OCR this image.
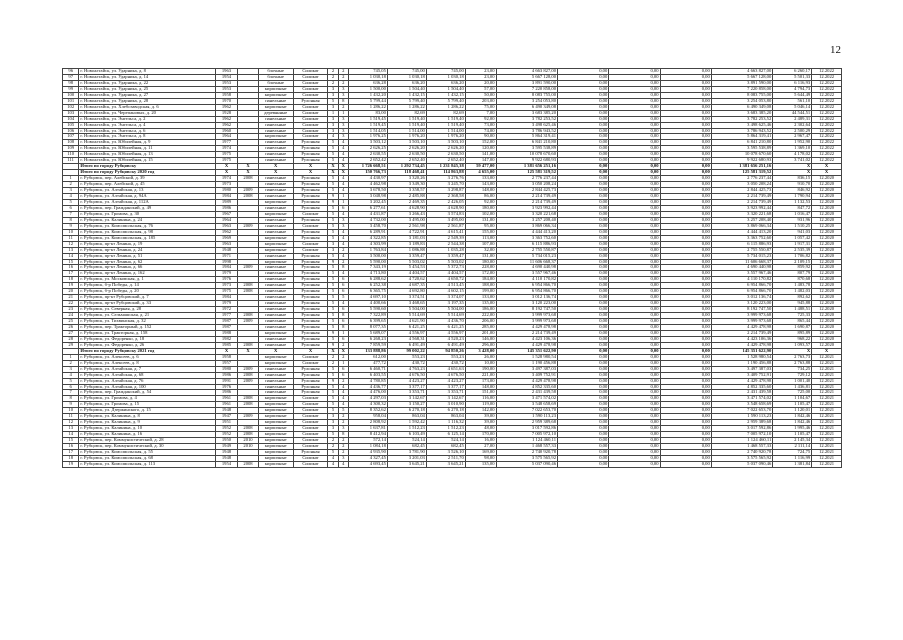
12
96	г. Новоалтайск, ул. Ударника, д. 8	1963		блочные	Силикат	2	2	745,05	745,00	745,00	23,00	4 663 827,00	0,00	0,00	0,00	4 663 827,00	6 260,17	12.2022
97	г. Новоалтайск, ул. Ударника, д. 14	1954		блочные	Силикат	2	2	1 030,18	1 030,18	1 030,18	23,00	5 667 128,00	0,00	0,00	0,00	5 667 128,00	5 501,33	12.2022
98	г. Новоалтайск, ул. Ударника, д. 22	1953		блочные	Силикат	2	2	636,28	636,20	636,20	20,00	3 891 590,00	0,00	0,00	0,00	3 891 590,00	6 116,93	12.2022
99	г. Новоалтайск, ул. Ударника, д. 25	1953		кирпичные	Силикат	3	3	1 500,00	1 504,40	1 504,40	57,00	7 220 858,00	0,00	0,00	0,00	7 220 858,00	4 794,73	12.2022
100	г. Новоалтайск, ул. Ударника, д. 27	1958		кирпичные	Силикат	3	3	1 432,20	1 432,15	1 432,15	50,00	8 083 755,00	0,00	0,00	0,00	8 083 755,00	5 644,49	12.2022
101	г. Новоалтайск, ул. Ударника, д. 28	1970		панельные	Рулонная	5	8	5 799,44	5 799,40	5 799,40	203,00	3 254 053,80	0,00	0,00	0,00	3 254 053,80	561,10	12.2022
102	г. Новоалтайск, ул. Хлебозаводская, д. 6	1962		кирпичные	Силикат	3	2	1 286,22	1 286,22	1 286,22	75,00	6 490 349,08	0,00	0,00	0,00	6 490 349,08	5 046,14	12.2022
103	г. Новоалтайск, ул. Черепановых, д. 20	1928		деревянные	Силикат	1	1	83,00	82,69	82,69	7,00	3 683 385,20	0,00	0,00	0,00	3 683 385,20	44 544,51	12.2022
104	г. Новоалтайск, ул. Энгельса, д. 2	1962		панельные	Силикат	3	3	1 519,45	1 519,40	1 519,40	92,00	3 782 253,52	0,00	0,00	0,00	3 782 253,52	2 489,31	12.2022
105	г. Новоалтайск, ул. Энгельса, д. 4	1962		панельные	Силикат	3	3	1 519,45	1 519,40	1 519,40	73,00	3 498 625,46	0,00	0,00	0,00	3 498 625,46	2 302,64	12.2022
106	г. Новоалтайск, ул. Энгельса, д. 6	1960		панельные	Силикат	3	3	1 514,05	1 514,00	1 514,00	74,00	3 786 943,52	0,00	0,00	0,00	3 786 943,52	2 500,29	12.2022
107	г. Новоалтайск, ул. Энгельса, д. 8	1964		кирпичные	Силикат	4	3	1 976,25	1 976,20	1 976,20	90,00	5 864 319,41	0,00	0,00	0,00	5 864 319,41	2 967,47	12.2022
108	г. Новоалтайск, ул. Юбилейная, д. 9	1977		панельные	Рулонная	5	4	3 503,12	3 503,10	3 503,10	152,00	6 841 210,80	0,00	0,00	0,00	6 841 210,80	1 952,90	12.2022
109	г. Новоалтайск, ул. Юбилейная, д. 11	1974		панельные	Рулонная	5	4	2 626,25	2 626,20	2 626,20	120,00	3 595 538,89	0,00	0,00	0,00	3 595 538,89	1 369,10	12.2022
110	г. Новоалтайск, ул. Юбилейная, д. 13	1975		панельные	Рулонная	5	4	2 630,55	2 630,50	2 630,50	141,00	10 078 670,60	0,00	0,00	0,00	10 078 670,60	4 178,02	12.2022
111	г. Новоалтайск, ул. Юбилейная, д. 15	1975		панельные	Рулонная	5	4	2 652,42	2 652,40	2 652,40	147,00	9 922 680,93	0,00	0,00	0,00	9 922 680,93	3 741,02	12.2022
	Итого по городу Рубцовску	X	X	X	X	X	X	1 726 668,51	1 292 734,45	1 231 845,38	59 477,00	1 381 656 251,16	0,00	0,00	0,00	1 381 656 251,16	X	X
	Итого по городу Рубцовску 2020 год	X	X	X	X	X	X	150 766,73	118 468,41	114 863,88	4 655,00	125 581 319,52	0,00	0,00	0,00	125 581 319,52	X	X
1	г. Рубцовск, пер. Алейский, д. 39	1974	2008	панельные	Рулонная	5	4	4 430,97	3 320,26	3 276,76	133,00	2 776 237,44	0,00	0,00	0,00	2 776 237,44	836,15	12.2020
2	г. Рубцовск, пер. Алейский, д. 45	1973		панельные	Рулонная	5	4	4 462,98	3 349,30	3 245,70	143,00	3 050 208,24	0,00	0,00	0,00	3 050 208,24	910,70	12.2020
3	г. Рубцовск, ул. Алтайская, д. 13	1980	2009	панельные	Рулонная	5	4	3 678,50	3 358,57	3 298,87	148,00	2 844 425,73	0,00	0,00	0,00	2 844 425,73	846,92	12.2020
4	г. Рубцовск, ул. Алтайская, д. 94А	1984	2008	панельные	Рулонная	9	1	3 048,98	2 485,88	2 368,58	86,00	2 214 739,49	0,00	0,00	0,00	2 214 739,49	1 790,94	12.2020
5	г. Рубцовск, ул. Алтайская, д. 112А	1989		кирпичные	Рулонная	9	1	3 202,45	2 469,35	2 426,05	92,00	2 214 739,49	0,00	0,00	0,00	2 214 739,49	1 132,53	12.2020
6	г. Рубцовск, пер. Гражданский, д. 49	1986		панельные	Рулонная	5	6	6 277,61	4 628,90	4 628,90	180,00	3 923 992,44	0,00	0,00	0,00	3 923 992,44	847,72	12.2020
7	г. Рубцовск, ул. Громова, д. 30	1967		кирпичные	Силикат	5	4	4 431,87	3 266,43	3 574,83	102,00	3 320 221,68	0,00	0,00	0,00	3 320 221,68	1 016,47	12.2020
8	г. Рубцовск, ул. Калинина, д. 24	1964		панельные	Рулонная	5	3	4 732,00	3 495,00	3 495,00	131,00	3 257 208,40	0,00	0,00	0,00	3 257 208,40	931,96	12.2020
9	г. Рубцовск, ул. Комсомольская, д. 76	1963	2009	панельные	Силикат	5	3	3 458,70	2 561,98	2 561,87	95,00	3 869 066,34	0,00	0,00	0,00	3 869 066,34	1 510,25	12.2020
10	г. Рубцовск, ул. Комсомольская, д. 98	1962		панельные	Рулонная	5	4	6 289,91	4 722,91	4 615,41	155,00	4 444 413,20	0,00	0,00	0,00	4 444 413,20	941,03	12.2020
11	г. Рубцовск, ул. Комсомольская, д. 185	1969		кирпичные	Рулонная	5	4	4 322,85	3 181,03	2 549,39	113,00	3 363 752,60	0,00	0,00	0,00	3 363 752,60	1 057,42	12.2020
12	г. Рубцовск, пр-кт Ленина, д. 19	1963		кирпичные	Силикат	3	4	4 303,99	3 189,83	2 544,38	107,00	6 115 886,93	0,00	0,00	0,00	6 115 886,93	1 917,31	12.2020
13	г. Рубцовск, пр-кт Ленина, д. 24	1948		кирпичные	Силикат	3	2	1 763,84	1 086,88	1 035,28	32,00	2 755 550,87	0,00	0,00	0,00	2 755 550,87	2 535,39	12.2020
14	г. Рубцовск, пр-кт Ленина, д. 51	1971		панельные	Рулонная	5	4	3 500,00	3 359,47	3 359,47	131,00	5 734 015,23	0,00	0,00	0,00	5 734 015,23	1 706,82	12.2020
15	г. Рубцовск, пр-кт Ленина, д. 62	1998		кирпичные	Рулонная	9	2	5 590,00	5 503,02	5 503,02	180,00	11 606 668,37	0,00	0,00	0,00	11 606 668,37	2 109,15	12.2020
16	г. Рубцовск, пр-кт Ленина, д. 66	1984	2009	панельные	Рулонная	5	8	7 343,19	5 454,53	5 372,73	228,00	4 690 440,98	0,00	0,00	0,00	4 690 440,98	859,92	12.2020
17	г. Рубцовск, пр-кт Ленина, д. 162	1979		панельные	Рулонная	5	4	4 713,80	4 404,57	4 404,57	172,00	3 557 967,46	0,00	0,00	0,00	3 557 967,46	807,79	12.2020
18	г. Рубцовск, ул. Московская, д. 1	1976		панельные	Рулонная	5	6	6 288,62	4 720,62	4 650,72	184,00	4 110 170,82	0,00	0,00	0,00	4 110 170,82	870,68	12.2020
19	г. Рубцовск, б-р Победы, д. 14	1973	2008	панельные	Рулонная	5	6	6 252,38	4 687,35	4 513,45	188,00	6 954 866,70	0,00	0,00	0,00	6 954 866,70	1 483,78	12.2020
20	г. Рубцовск, б-р Победы, д. 20	1975	2008	панельные	Рулонная	5	6	6 365,75	4 692,80	4 602,15	199,00	6 954 866,70	0,00	0,00	0,00	6 954 866,70	1 482,03	12.2020
21	г. Рубцовск, пр-кт Рубцовский, д. 7	1984		панельные	Рулонная	5	5	4 697,10	3 374,51	3 374,07	133,00	3 012 136,74	0,00	0,00	0,00	3 012 136,74	892,62	12.2020
22	г. Рубцовск, пр-кт Рубцовский, д. 33	1979		панельные	Рулонная	5	4	4 400,66	3 468,65	3 197,35	135,00	3 120 223,00	0,00	0,00	0,00	3 120 223,00	945,88	12.2020
23	г. Рубцовск, ул. Северная, д. 28	1972		панельные	Рулонная	5	6	5 590,60	5 504,00	5 504,00	186,00	8 192 747,50	0,00	0,00	0,00	8 192 747,50	1 488,51	12.2020
24	г. Рубцовск, ул. Сельмашская, д. 21	1977	2008	панельные	Рулонная	5	8	7 322,89	5 514,69	5 514,69	222,00	3 999 973,68	0,00	0,00	0,00	3 999 973,68	725,33	12.2020
25	г. Рубцовск, ул. Тихвинская, д. 32	1987	2009	панельные	Рулонная	5	6	6 399,65	4 621,90	4 436,70	206,00	3 999 973,68	0,00	0,00	0,00	3 999 973,68	865,44	12.2020
26	г. Рубцовск, пер. Тракторный, д. 152	1987		панельные	Рулонная	5	8	8 077,35	6 421,25	6 421,25	285,00	4 429 478,98	0,00	0,00	0,00	4 429 478,98	1 690,87	12.2020
27	г. Рубцовск, ул. Тракторная, д. 158	1988		кирпичные	Рулонная	9	1	5 689,07	4 556,97	4 556,97	201,00	2 214 739,49	0,00	0,00	0,00	2 214 739,49	895,89	12.2020
28	г. Рубцовск, ул. Федоренко, д. 18	1982		панельные	Рулонная	5	6	6 268,23	4 568,31	4 520,23	146,00	4 423 106,36	0,00	0,00	0,00	4 423 106,36	968,22	12.2020
29	г. Рубцовск, ул. Федоренко, д. 26	1985	2008	панельные	Рулонная	9	2	7 859,59	6 491,49	6 491,49	296,00	4 429 478,98	0,00	0,00	0,00	4 429 478,98	1 093,57	12.2020
	Итого по городу Рубцовску 2021 год	X	X	X	X	X	X	133 888,86	99 002,22	94 850,26	3 428,00	145 351 622,90	0,00	0,00	0,00	145 351 622,90	X	X
1	г. Рубцовск, ул. Алексеев, д. 6	1958		кирпичные	Силикат	2	2	612,00	553,23	553,23	26,00	1 528 980,54	0,00	0,00	0,00	1 528 980,54	2 763,73	12.2021
2	г. Рубцовск, ул. Алексеев, д. 8	1957		кирпичные	Силикат	2	1	477,72	430,72	430,72	10,00	1 190 456,88	0,00	0,00	0,00	1 190 456,88	2 763,88	12.2021
3	г. Рубцовск, ул. Алтайская, д. 7	1980	2009	панельные	Рулонная	5	6	6 460,71	4 763,23	4 651,63	190,00	3 497 387,03	0,00	0,00	0,00	3 497 387,03	734,25	12.2021
4	г. Рубцовск, ул. Алтайская, д. 68	1986	2008	панельные	Рулонная	5	6	6 403,55	4 676,50	4 676,50	221,00	3 409 752,91	0,00	0,00	0,00	3 409 752,91	729,12	12.2021
5	г. Рубцовск, ул. Алтайская, д. 76	1991	2009	панельные	Рулонная	9	2	4 780,85	4 423,27	4 423,27	173,00	4 429 478,98	0,00	0,00	0,00	4 429 478,98	1 001,40	12.2021
6	г. Рубцовск, ул. Алтайская, д. 100	1976		панельные	Рулонная	5	4	4 436,77	3 377,17	3 377,17	148,00	4 852 335,60	0,00	0,00	0,00	4 852 335,60	1 436,81	12.2021
7	г. Рубцовск, пер. Гражданский, д. 54	1986		панельные	Рулонная	5	4	4 476,00	3 353,71	3 353,71	151,00	2 431 439,58	0,00	0,00	0,00	2 431 439,58	725,00	12.2021
8	г. Рубцовск, ул. Громова, д. 4	1961	2008	кирпичные	Силикат	5	4	4 297,03	3 142,67	3 142,67	116,00	3 471 574,02	0,00	0,00	0,00	3 471 574,02	1 104,67	12.2021
9	г. Рубцовск, ул. Громова, д. 15	1961	2008	кирпичные	Силикат	5	4	4 300,32	3 150,27	3 010,90	119,00	3 548 658,69	0,00	0,00	0,00	3 548 658,69	1 105,47	12.2021
10	г. Рубцовск, ул. Дзержинского, д. 15	1948		кирпичные	Силикат	5	5	8 352,62	6 270,18	6 270,18	142,00	7 022 653,70	0,00	0,00	0,00	7 022 653,70	1 120,01	12.2021
11	г. Рубцовск, ул. Калинина, д. 8	1947	2009	кирпичные	Силикат	3	2	958,04	863,04	863,04	39,00	1 590 113,23	0,00	0,00	0,00	1 590 113,23	1 842,46	12.2021
12	г. Рубцовск, ул. Калинина, д. 9	1951		кирпичные	Силикат	3	2	2 808,92	1 592,42	1 116,32	39,00	2 959 389,68	0,00	0,00	0,00	2 959 389,68	1 842,46	12.2021
13	г. Рубцовск, ул. Калинина, д. 10	1952	2008	кирпичные	Силикат	3	3	1 637,81	1 512,23	1 512,23	48,00	3 017 592,86	0,00	0,00	0,00	3 017 592,86	1 995,46	12.2021
14	г. Рубцовск, ул. Калинина, д. 16	1952	2008	кирпичные	Силикат	5	8	8 412,94	6 103,49	6 125,14	170,00	7 005 972,10	0,00	0,00	0,00	7 005 972,10	1 105,47	12.2021
15	г. Рубцовск, пер. Коммунистический, д. 28	1950	2010	кирпичные	Силикат	2	2	572,14	524,14	524,14	16,00	1 124 460,11	0,00	0,00	0,00	1 124 460,11	2 145,34	12.2021
16	г. Рубцовск, пер. Коммунистический, д. 30	1949	2010	кирпичные	Силикат	2	2	1 084,18	682,45	682,45	27,00	1 468 557,33	0,00	0,00	0,00	1 468 557,33	2 111,14	12.2021
17	г. Рубцовск, ул. Комсомольская, д. 55	1948		кирпичные	Рулонная	5	2	4 935,90	3 781,90	3 526,10	169,00	2 740 920,78	0,00	0,00	0,00	2 740 920,78	724,75	12.2021
18	г. Рубцовск, ул. Комсомольская, д. 68	1948		кирпичные	Силикат	4	3	4 327,45	3 201,03	2 511,70	98,00	3 575 565,92	0,00	0,00	0,00	3 575 565,92	1 116,99	12.2021
19	г. Рубцовск, ул. Комсомольская, д. 113	1954	2008	кирпичные	Силикат	4	4	4 693,45	3 645,21	3 645,21	135,00	5 037 090,46	0,00	0,00	0,00	5 037 090,46	1 381,84	12.2021
